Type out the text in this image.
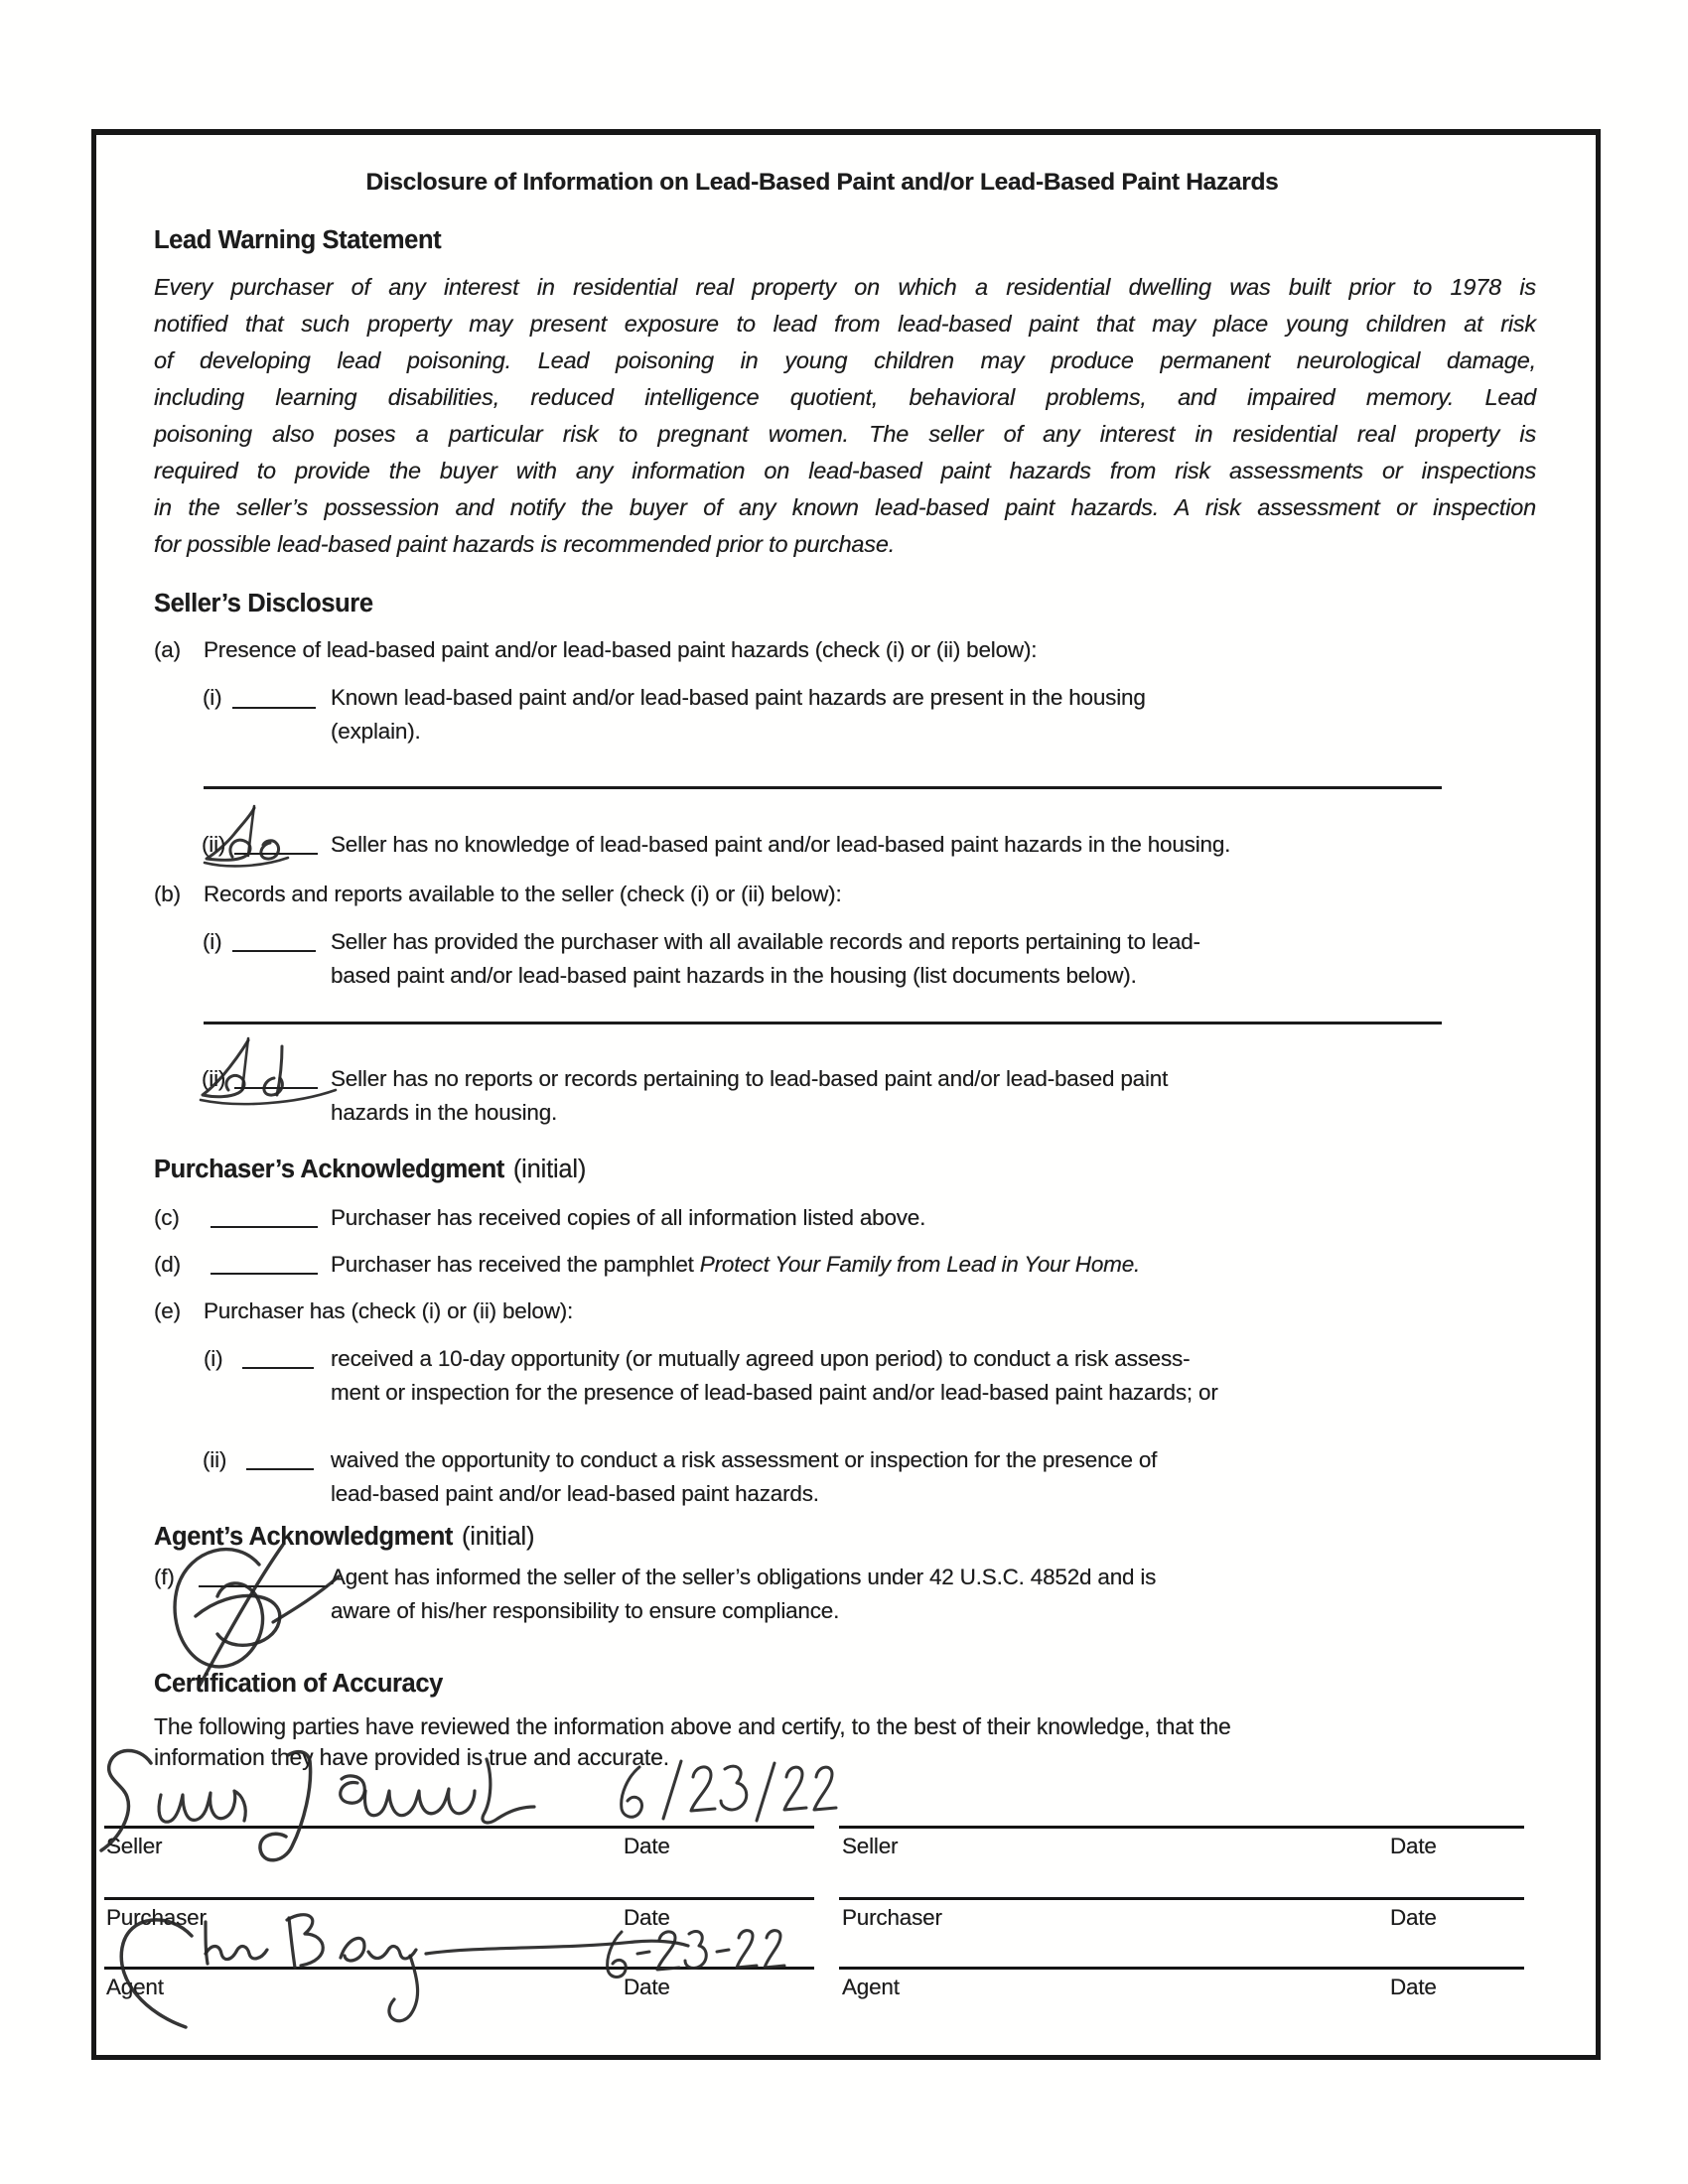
Disclosure of Information on Lead-Based Paint and/or Lead-Based Paint Hazards
Lead Warning Statement
Every purchaser of any interest in residential real property on which a residential dwelling was built prior to 1978 is
notified that such property may present exposure to lead from lead-based paint that may place young children at risk
of developing lead poisoning. Lead poisoning in young children may produce permanent neurological damage,
including learning disabilities, reduced intelligence quotient, behavioral problems, and impaired memory. Lead
poisoning also poses a particular risk to pregnant women. The seller of any interest in residential real property is
required to provide the buyer with any information on lead-based paint hazards from risk assessments or inspections
in the seller’s possession and notify the buyer of any known lead-based paint hazards. A risk assessment or inspection
for possible lead-based paint hazards is recommended prior to purchase.
Seller’s Disclosure
(a) Presence of lead-based paint and/or lead-based paint hazards (check (i) or (ii) below):
(i)	Known lead-based paint and/or lead-based paint hazards are present in the housing
(explain).
(ii)	Seller has no knowledge of lead-based paint and/or lead-based paint hazards in the housing.
(b) Records and reports available to the seller (check (i) or (ii) below):
(i)	Seller has provided the purchaser with all available records and reports pertaining to lead-
based paint and/or lead-based paint hazards in the housing (list documents below).
(ii)	Seller has no reports or records pertaining to lead-based paint and/or lead-based paint
hazards in the housing.
Purchaser’s Acknowledgment (initial)
(c)	Purchaser has received copies of all information listed above.
(d)	Purchaser has received the pamphlet Protect Your Family from Lead in Your Home.
(e) Purchaser has (check (i) or (ii) below):
(i)	received a 10-day opportunity (or mutually agreed upon period) to conduct a risk assess-
ment or inspection for the presence of lead-based paint and/or lead-based paint hazards; or
(ii)	waived the opportunity to conduct a risk assessment or inspection for the presence of
lead-based paint and/or lead-based paint hazards.
Agent’s Acknowledgment (initial)
(f)	Agent has informed the seller of the seller’s obligations under 42 U.S.C. 4852d and is
aware of his/her responsibility to ensure compliance.
Certification of Accuracy
The following parties have reviewed the information above and certify, to the best of their knowledge, that the
information they have provided is true and accurate.
Seller	Date	Seller	Date
Purchaser	Date	Purchaser	Date
Agent	Date	Agent	Date
